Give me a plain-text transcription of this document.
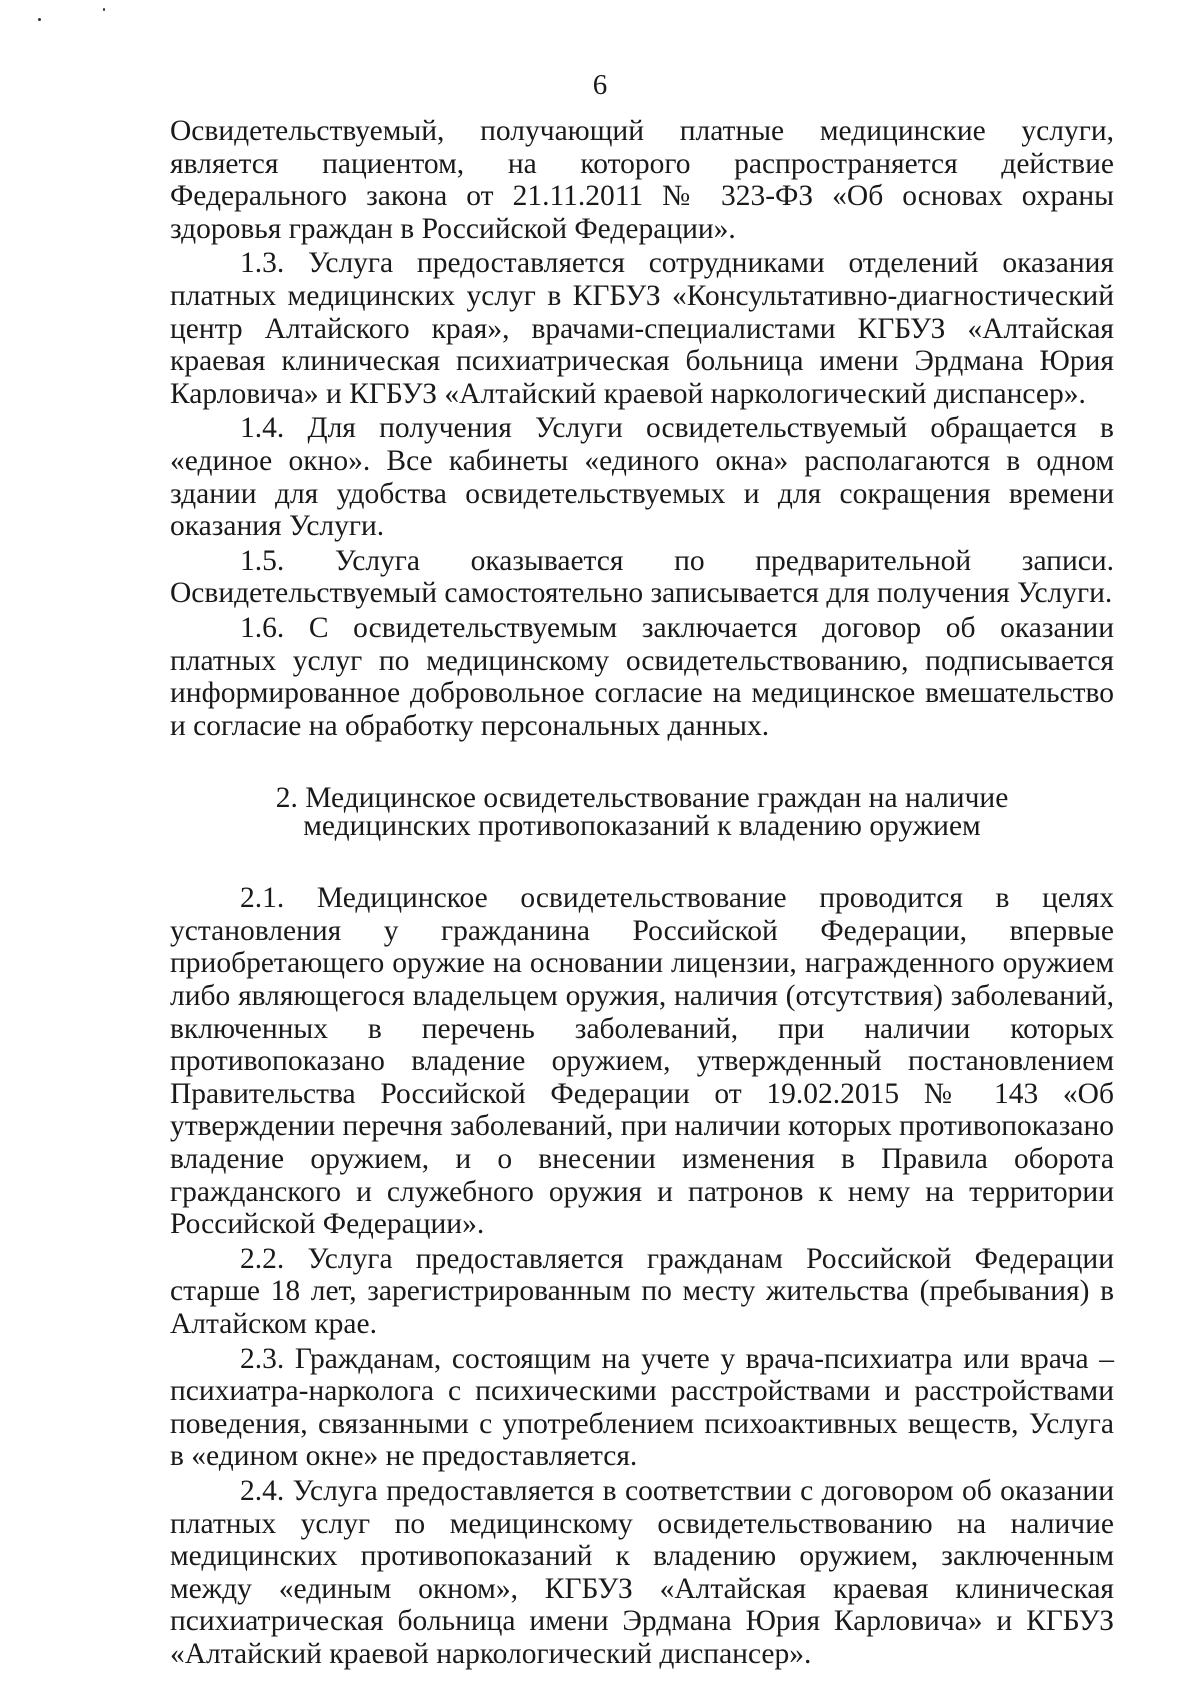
6

Освидетельствуемый, получающий платные медицинские услуги, является пациентом, на которого распространяется действие Федерального закона от 21.11.2011 № 323-ФЗ «Об основах охраны здоровья граждан в Российской Федерации».

1.3. Услуга предоставляется сотрудниками отделений оказания платных медицинских услуг в КГБУЗ «Консультативно-диагностический центр Алтайского края», врачами-специалистами КГБУЗ «Алтайская краевая клиническая психиатрическая больница имени Эрдмана Юрия Карловича» и КГБУЗ «Алтайский краевой наркологический диспансер».

1.4. Для получения Услуги освидетельствуемый обращается в «единое окно». Все кабинеты «единого окна» располагаются в одном здании для удобства освидетельствуемых и для сокращения времени оказания Услуги.

1.5. Услуга оказывается по предварительной записи. Освидетельствуемый самостоятельно записывается для получения Услуги.

1.6. С освидетельствуемым заключается договор об оказании платных услуг по медицинскому освидетельствованию, подписывается информированное добровольное согласие на медицинское вмешательство и согласие на обработку персональных данных.

2. Медицинское освидетельствование граждан на наличие
медицинских противопоказаний к владению оружием

2.1. Медицинское освидетельствование проводится в целях установления у гражданина Российской Федерации, впервые приобретающего оружие на основании лицензии, награжденного оружием либо являющегося владельцем оружия, наличия (отсутствия) заболеваний, включенных в перечень заболеваний, при наличии которых противопоказано владение оружием, утвержденный постановлением Правительства Российской Федерации от 19.02.2015 № 143 «Об утверждении перечня заболеваний, при наличии которых противопоказано владение оружием, и о внесении изменения в Правила оборота гражданского и служебного оружия и патронов к нему на территории Российской Федерации».

2.2. Услуга предоставляется гражданам Российской Федерации старше 18 лет, зарегистрированным по месту жительства (пребывания) в Алтайском крае.

2.3. Гражданам, состоящим на учете у врача-психиатра или врача – психиатра-нарколога с психическими расстройствами и расстройствами поведения, связанными с употреблением психоактивных веществ, Услуга в «едином окне» не предоставляется.

2.4. Услуга предоставляется в соответствии с договором об оказании платных услуг по медицинскому освидетельствованию на наличие медицинских противопоказаний к владению оружием, заключенным между «единым окном», КГБУЗ «Алтайская краевая клиническая психиатрическая больница имени Эрдмана Юрия Карловича» и КГБУЗ «Алтайский краевой наркологический диспансер».
